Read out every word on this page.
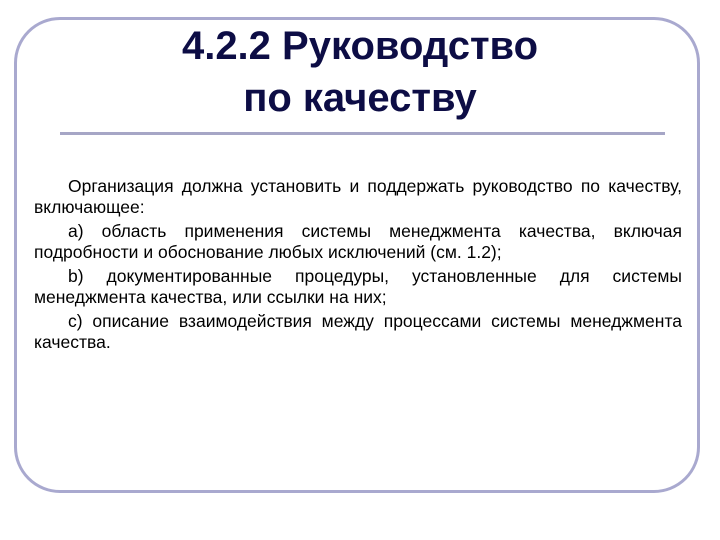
4.2.2 Руководство
по качеству

Организация должна установить и поддержать руководство по качеству, включающее:

а) область применения системы менеджмента качества, включая подробности и обоснование любых исключений (см. 1.2);

b) документированные процедуры, установленные для системы менеджмента качества, или ссылки на них;

с) описание взаимодействия между процессами системы менеджмента качества.
